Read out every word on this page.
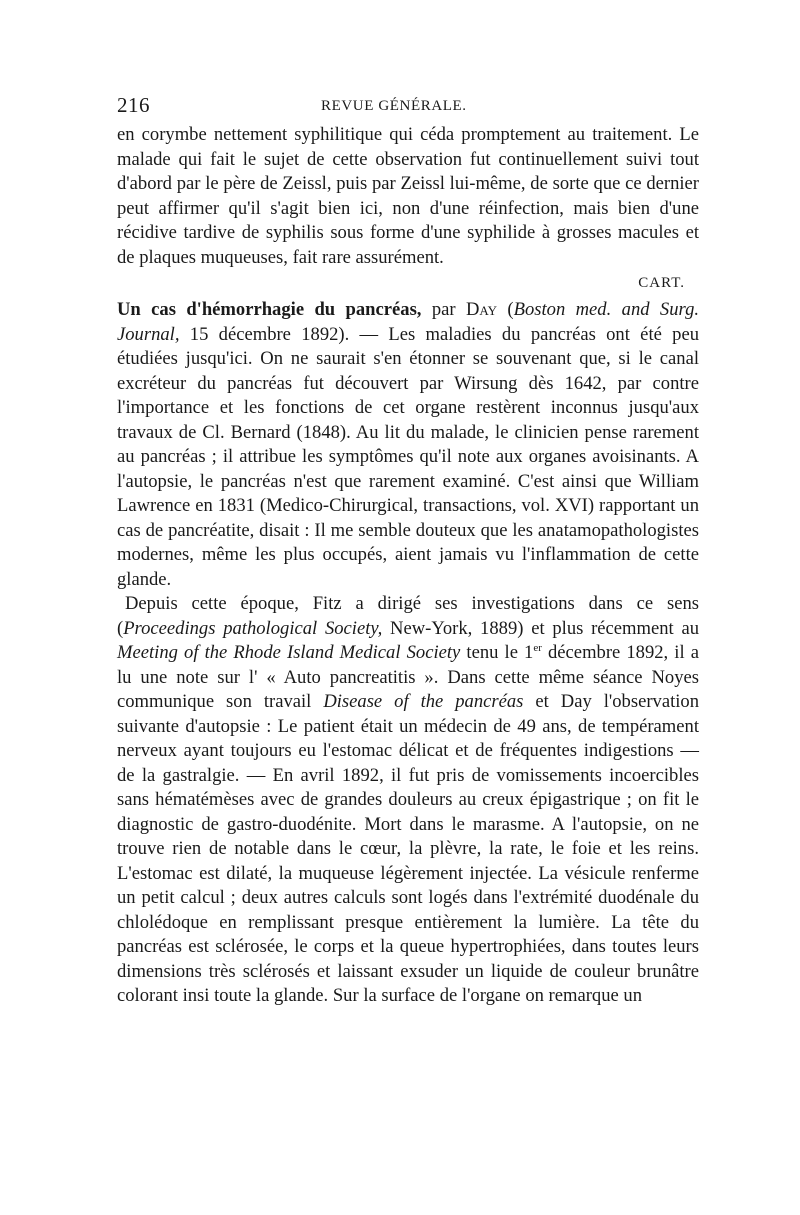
216	REVUE GÉNÉRALE.

en corymbe nettement syphilitique qui céda promptement au traitement. Le malade qui fait le sujet de cette observation fut continuellement suivi tout d'abord par le père de Zeissl, puis par Zeissl lui-même, de sorte que ce dernier peut affirmer qu'il s'agit bien ici, non d'une réinfection, mais bien d'une récidive tardive de syphilis sous forme d'une syphilide à grosses macules et de plaques muqueuses, fait rare assurément.

CART.

Un cas d'hémorrhagie du pancréas, par Day (Boston med. and Surg. Journal, 15 décembre 1892). — Les maladies du pancréas ont été peu étudiées jusqu'ici. On ne saurait s'en étonner se souvenant que, si le canal excréteur du pancréas fut découvert par Wirsung dès 1642, par contre l'importance et les fonctions de cet organe restèrent inconnus jusqu'aux travaux de Cl. Bernard (1848). Au lit du malade, le clinicien pense rarement au pancréas ; il attribue les symptômes qu'il note aux organes avoisinants. A l'autopsie, le pancréas n'est que rarement examiné. C'est ainsi que William Lawrence en 1831 (Medico-Chirurgical, transactions, vol. XVI) rapportant un cas de pancréatite, disait : Il me semble douteux que les anatamopathologistes modernes, même les plus occupés, aient jamais vu l'inflammation de cette glande.

Depuis cette époque, Fitz a dirigé ses investigations dans ce sens (Proceedings pathological Society, New-York, 1889) et plus récemment au Meeting of the Rhode Island Medical Society tenu le 1er décembre 1892, il a lu une note sur l' « Auto pancreatitis ». Dans cette même séance Noyes communique son travail Disease of the pancréas et Day l'observation suivante d'autopsie : Le patient était un médecin de 49 ans, de tempérament nerveux ayant toujours eu l'estomac délicat et de fréquentes indigestions — de la gastralgie. — En avril 1892, il fut pris de vomissements incoercibles sans hématémèses avec de grandes douleurs au creux épigastrique ; on fit le diagnostic de gastro-duodénite. Mort dans le marasme. A l'autopsie, on ne trouve rien de notable dans le cœur, la plèvre, la rate, le foie et les reins. L'estomac est dilaté, la muqueuse légèrement injectée. La vésicule renferme un petit calcul ; deux autres calculs sont logés dans l'extrémité duodénale du chlolédoque en remplissant presque entièrement la lumière. La tête du pancréas est sclérosée, le corps et la queue hypertrophiées, dans toutes leurs dimensions très sclérosés et laissant exsuder un liquide de couleur brunâtre colorant insi toute la glande. Sur la surface de l'organe on remarque un
